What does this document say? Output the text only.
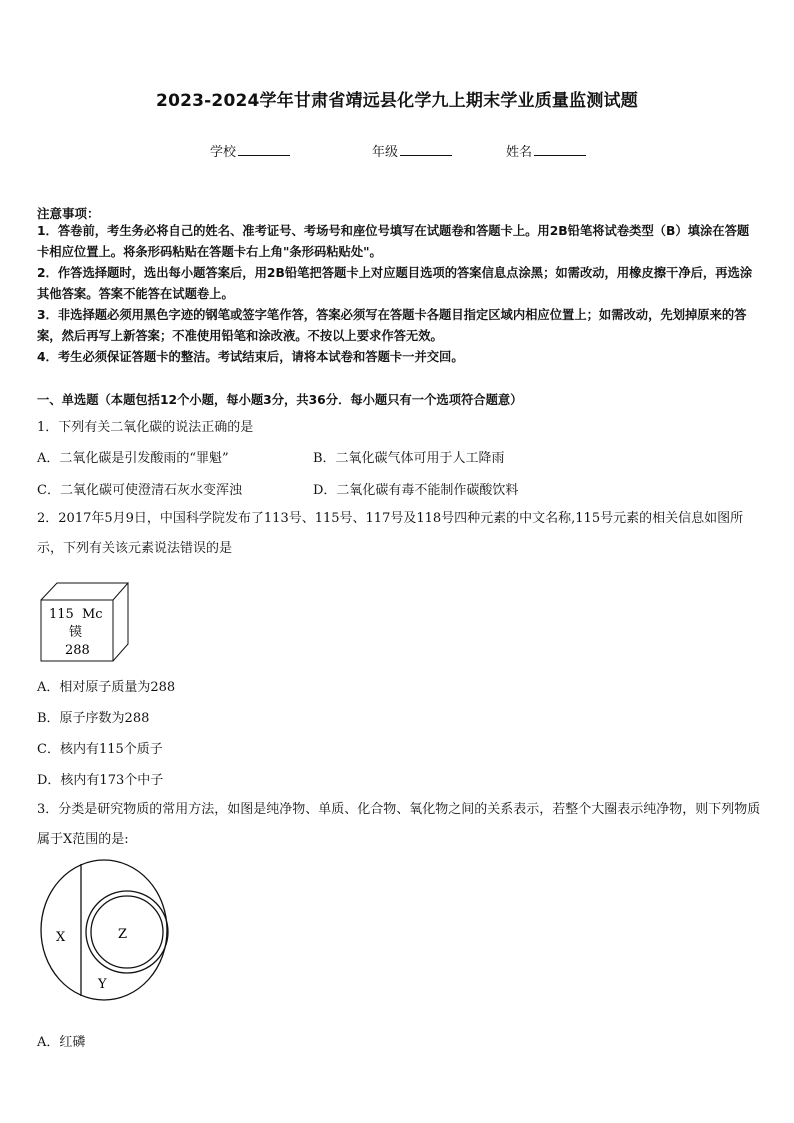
2023-2024学年甘肃省靖远县化学九上期末学业质量监测试题
学校	年级	姓名
注意事项：
1．答卷前，考生务必将自己的姓名、准考证号、考场号和座位号填写在试题卷和答题卡上。用2B铅笔将试卷类型（B）填涂在答题卡相应位置上。将条形码粘贴在答题卡右上角"条形码粘贴处"。
2．作答选择题时，选出每小题答案后，用2B铅笔把答题卡上对应题目选项的答案信息点涂黑；如需改动，用橡皮擦干净后，再选涂其他答案。答案不能答在试题卷上。
3．非选择题必须用黑色字迹的钢笔或签字笔作答，答案必须写在答题卡各题目指定区域内相应位置上；如需改动，先划掉原来的答案，然后再写上新答案；不准使用铅笔和涂改液。不按以上要求作答无效。
4．考生必须保证答题卡的整洁。考试结束后，请将本试卷和答题卡一并交回。
一、单选题（本题包括12个小题，每小题3分，共36分．每小题只有一个选项符合题意）
1．下列有关二氧化碳的说法正确的是
A．二氧化碳是引发酸雨的“罪魁”	B．二氧化碳气体可用于人工降雨
C．二氧化碳可使澄清石灰水变浑浊	D．二氧化碳有毒不能制作碳酸饮料
2．2017年5月9日，中国科学院发布了113号、115号、117号及118号四种元素的中文名称,115号元素的相关信息如图所示，下列有关该元素说法错误的是
115 Mc
镆
288
A．相对原子质量为288
B．原子序数为288
C．核内有115个质子
D．核内有173个中子
3．分类是研究物质的常用方法，如图是纯净物、单质、化合物、氧化物之间的关系表示，若整个大圈表示纯净物，则下列物质属于X范围的是:
X	Z
Y
A．红磷
